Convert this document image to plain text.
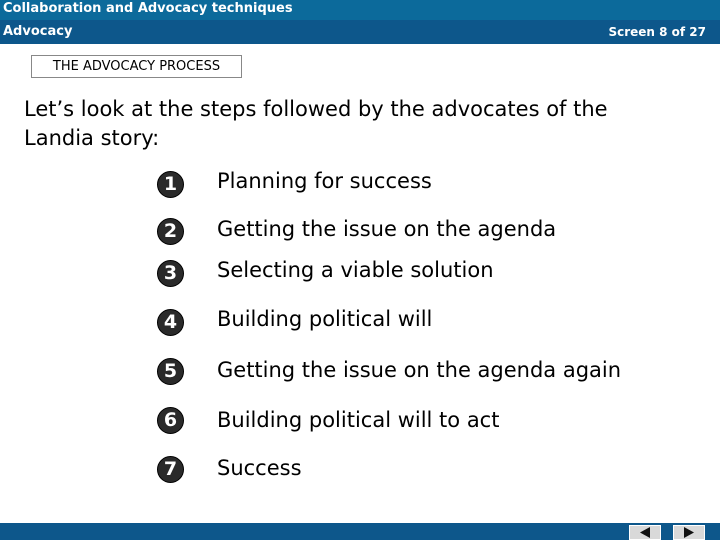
Collaboration and Advocacy techniques
Advocacy	Screen 8 of 27
THE ADVOCACY PROCESS
Let’s look at the steps followed by the advocates of the Landia story:
1	Planning for success
2	Getting the issue on the agenda
3	Selecting a viable solution
4	Building political will
5	Getting the issue on the agenda again
6	Building political will to act
7	Success
